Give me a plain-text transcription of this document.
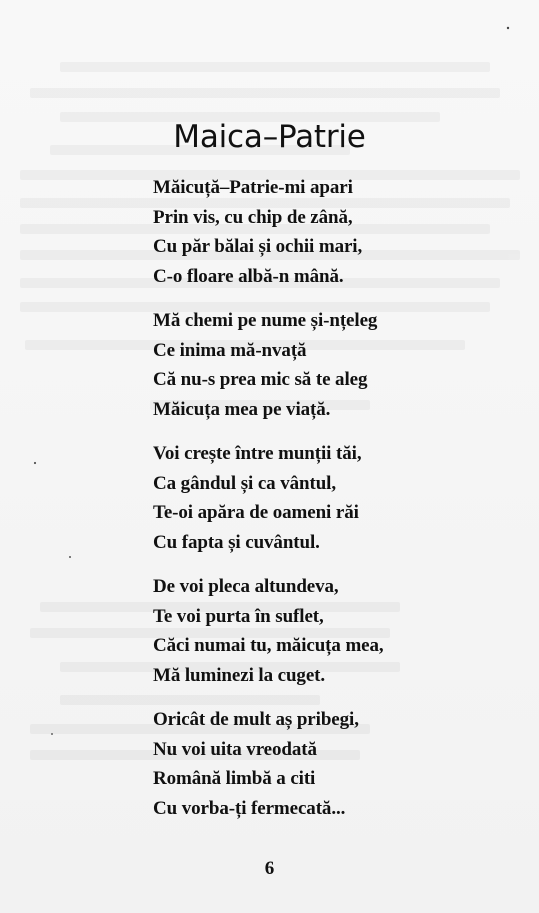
Maica–Patrie

Măicuță–Patrie-mi apari
Prin vis, cu chip de zână,
Cu păr bălai și ochii mari,
C-o floare albă-n mână.

Mă chemi pe nume și-nțeleg
Ce inima mă-nvață
Că nu-s prea mic să te aleg
Măicuța mea pe viață.

Voi crește între munții tăi,
Ca gândul și ca vântul,
Te-oi apăra de oameni răi
Cu fapta și cuvântul.

De voi pleca altundeva,
Te voi purta în suflet,
Căci numai tu, măicuța mea,
Mă luminezi la cuget.

Oricât de mult aș pribegi,
Nu voi uita vreodată
Română limbă a citi
Cu vorba-ți fermecată...

6
